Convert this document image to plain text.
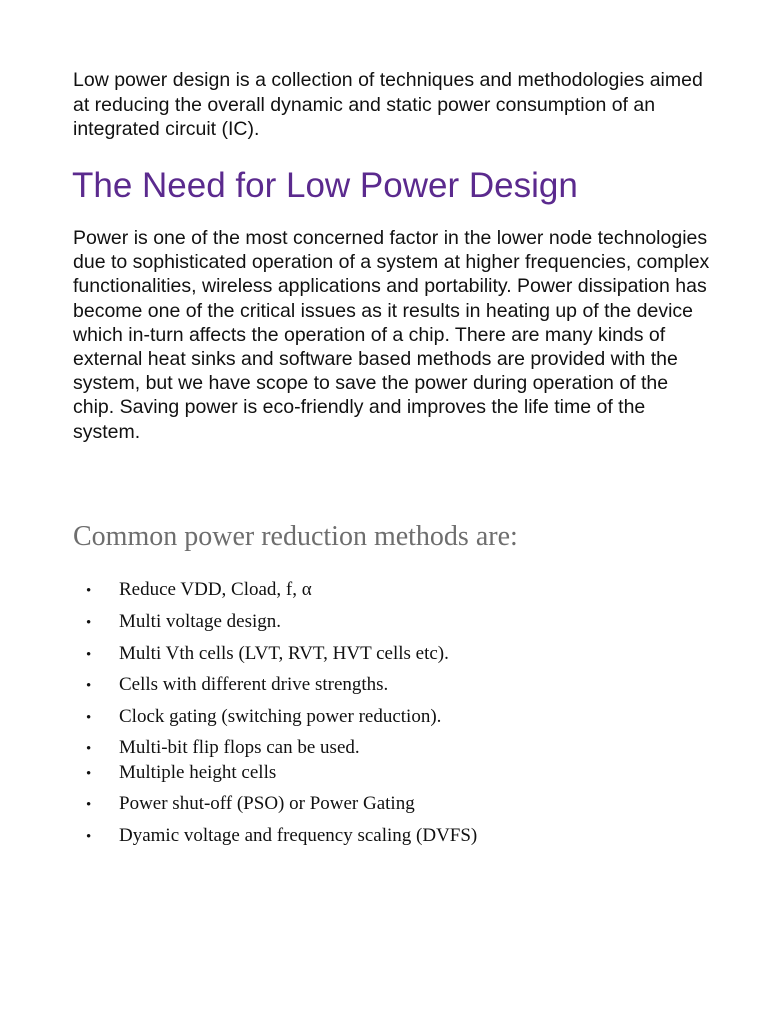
Low power design is a collection of techniques and methodologies aimed at reducing the overall dynamic and static power consumption of an integrated circuit (IC).

The Need for Low Power Design

Power is one of the most concerned factor in the lower node technologies due to sophisticated operation of a system at higher frequencies, complex functionalities, wireless applications and portability. Power dissipation has become one of the critical issues as it results in heating up of the device which in-turn affects the operation of a chip. There are many kinds of external heat sinks and software based methods are provided with the system, but we have scope to save the power during operation of the chip. Saving power is eco-friendly and improves the life time of the system.

Common power reduction methods are:
• Reduce VDD, Cload, f, α
• Multi voltage design.
• Multi Vth cells (LVT, RVT, HVT cells etc).
• Cells with different drive strengths.
• Clock gating (switching power reduction).
• Multi-bit flip flops can be used.
• Multiple height cells
• Power shut-off (PSO) or Power Gating
• Dyamic voltage and frequency scaling (DVFS)
